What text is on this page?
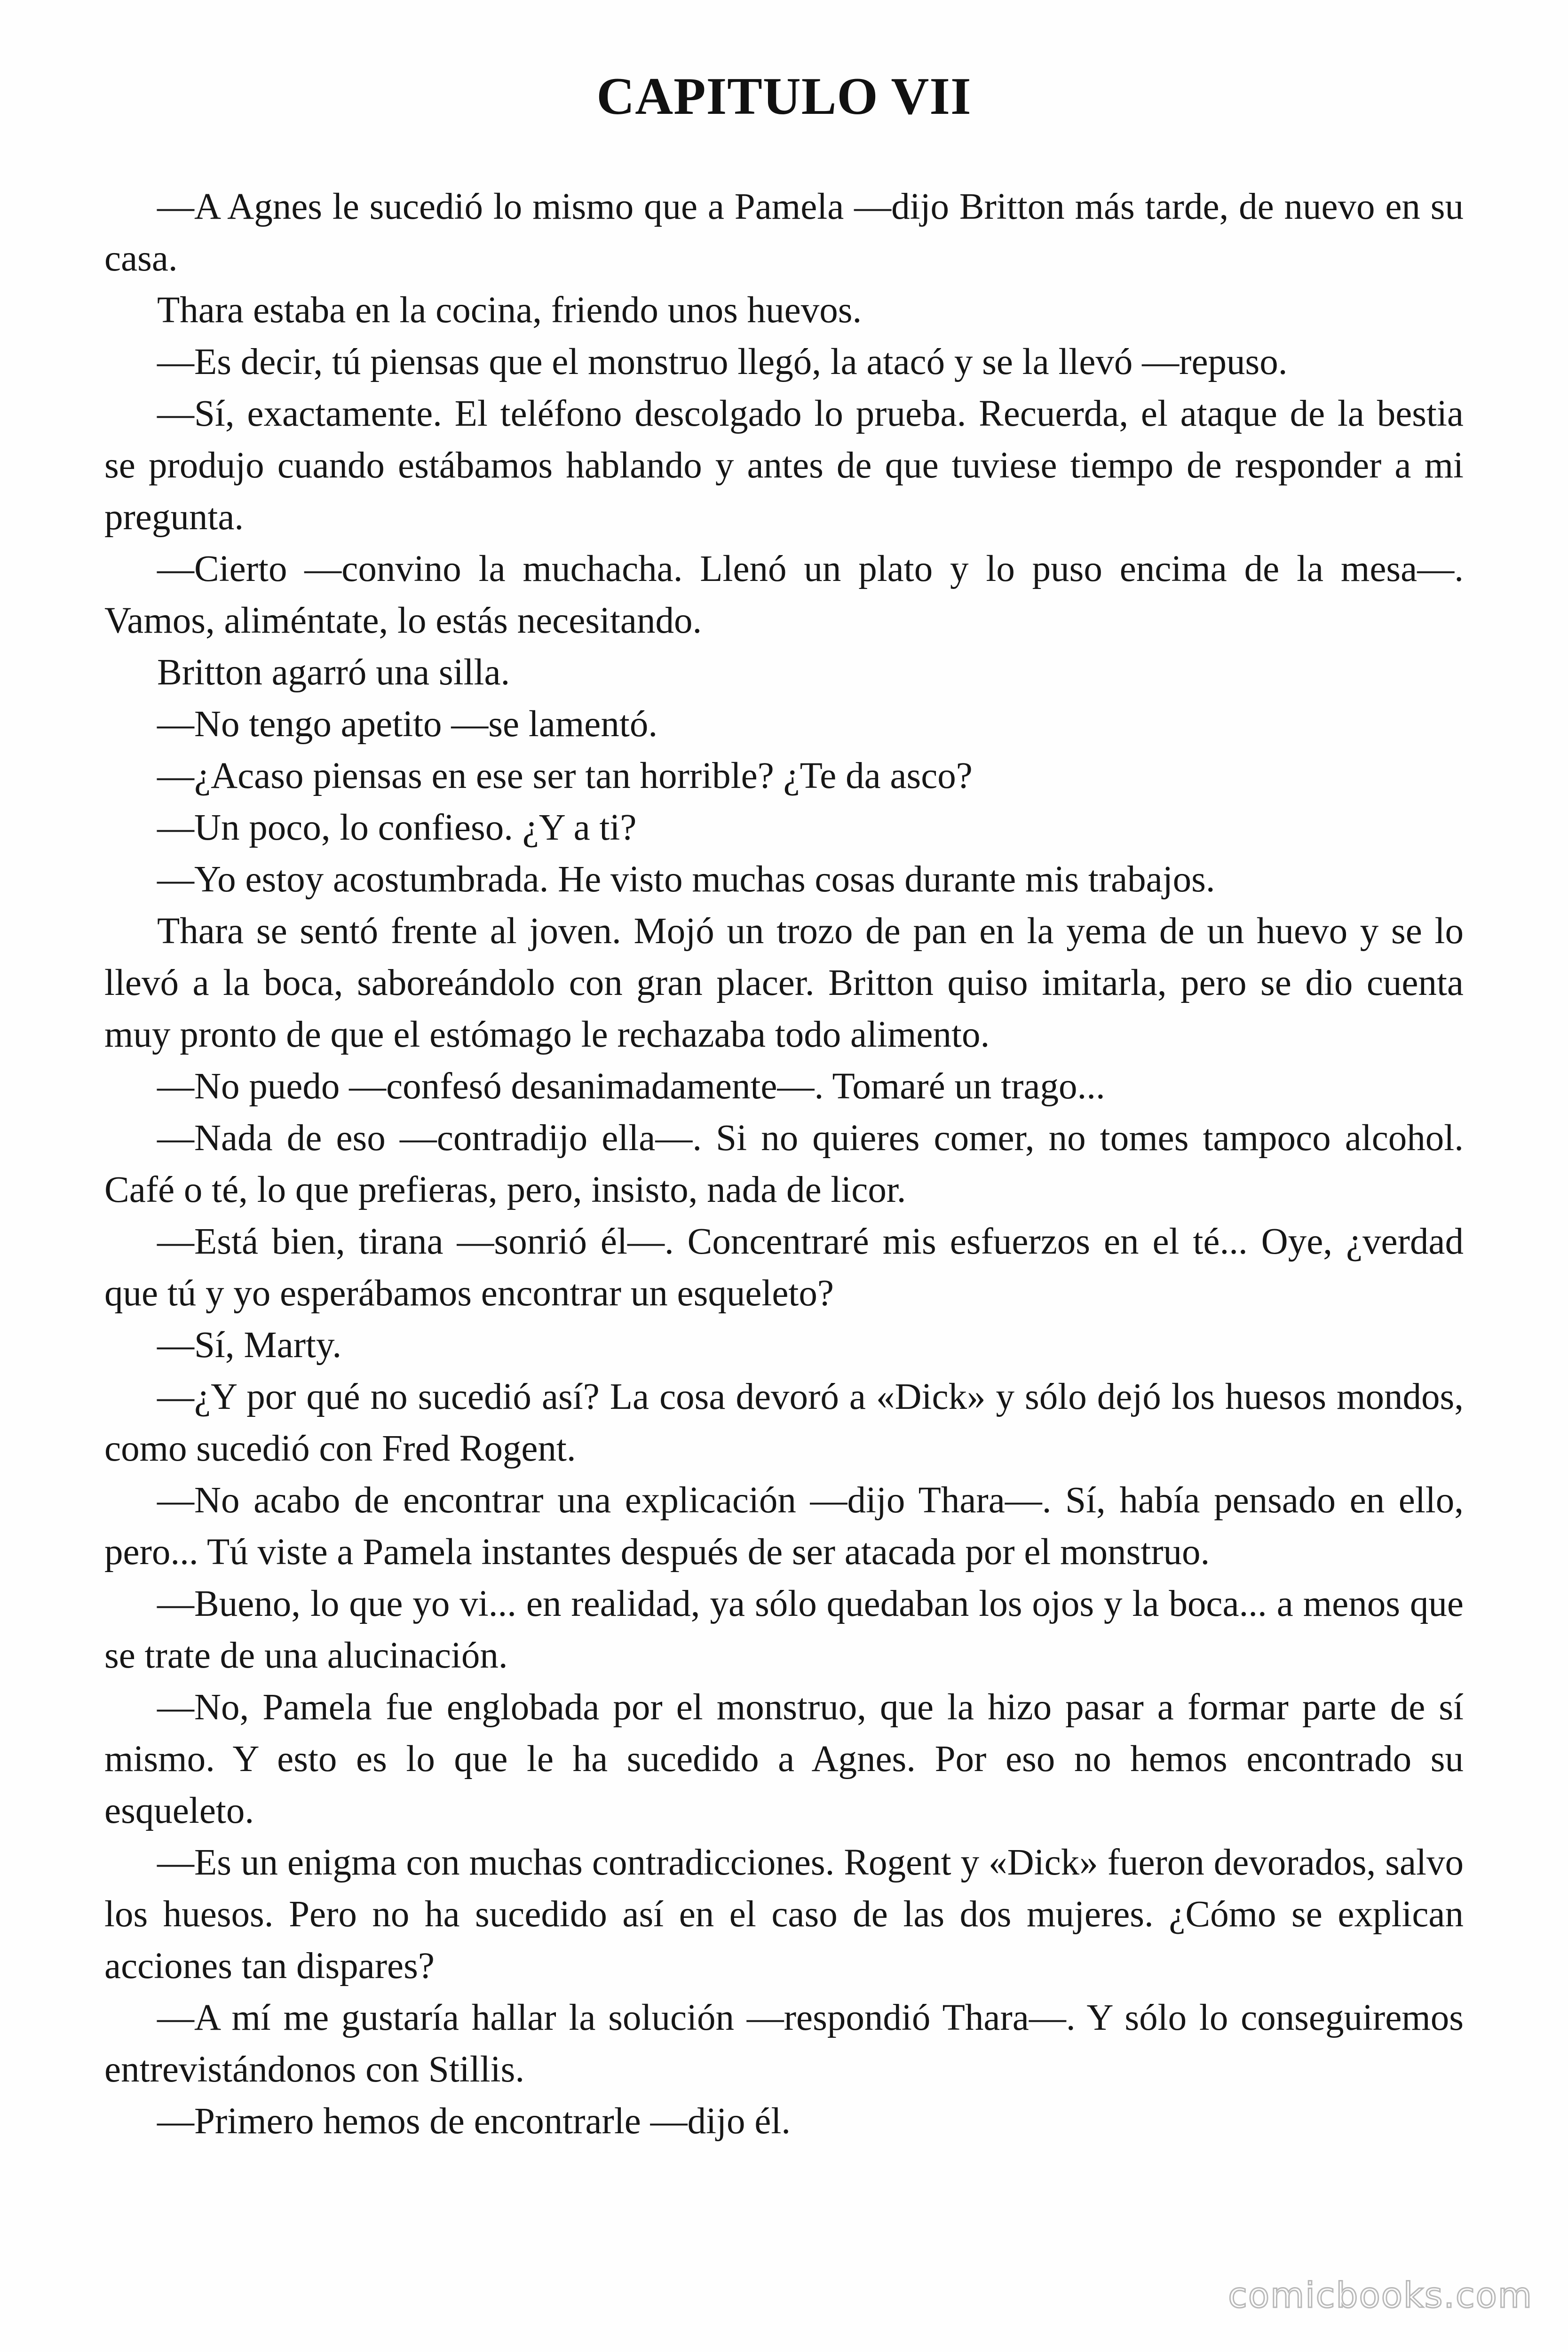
CAPITULO VII

—A Agnes le sucedió lo mismo que a Pamela —dijo Britton más tarde, de nuevo en su casa.

Thara estaba en la cocina, friendo unos huevos.

—Es decir, tú piensas que el monstruo llegó, la atacó y se la llevó —repuso.

—Sí, exactamente. El teléfono descolgado lo prueba. Recuerda, el ataque de la bestia se produjo cuando estábamos hablando y antes de que tuviese tiempo de responder a mi pregunta.

—Cierto —convino la muchacha. Llenó un plato y lo puso encima de la mesa—. Vamos, aliméntate, lo estás necesitando.

Britton agarró una silla.

—No tengo apetito —se lamentó.

—¿Acaso piensas en ese ser tan horrible? ¿Te da asco?

—Un poco, lo confieso. ¿Y a ti?

—Yo estoy acostumbrada. He visto muchas cosas durante mis trabajos.

Thara se sentó frente al joven. Mojó un trozo de pan en la yema de un huevo y se lo llevó a la boca, saboreándolo con gran placer. Britton quiso imitarla, pero se dio cuenta muy pronto de que el estómago le rechazaba todo alimento.

—No puedo —confesó desanimadamente—. Tomaré un trago...

—Nada de eso —contradijo ella—. Si no quieres comer, no tomes tampoco alcohol. Café o té, lo que prefieras, pero, insisto, nada de licor.

—Está bien, tirana —sonrió él—. Concentraré mis esfuerzos en el té... Oye, ¿verdad que tú y yo esperábamos encontrar un esqueleto?

—Sí, Marty.

—¿Y por qué no sucedió así? La cosa devoró a «Dick» y sólo dejó los huesos mondos, como sucedió con Fred Rogent.

—No acabo de encontrar una explicación —dijo Thara—. Sí, había pensado en ello, pero... Tú viste a Pamela instantes después de ser atacada por el monstruo.

—Bueno, lo que yo vi... en realidad, ya sólo quedaban los ojos y la boca... a menos que se trate de una alucinación.

—No, Pamela fue englobada por el monstruo, que la hizo pasar a formar parte de sí mismo. Y esto es lo que le ha sucedido a Agnes. Por eso no hemos encontrado su esqueleto.

—Es un enigma con muchas contradicciones. Rogent y «Dick» fueron devorados, salvo los huesos. Pero no ha sucedido así en el caso de las dos mujeres. ¿Cómo se explican acciones tan dispares?

—A mí me gustaría hallar la solución —respondió Thara—. Y sólo lo conseguiremos entrevistándonos con Stillis.

—Primero hemos de encontrarle —dijo él.

comicbooks.com
